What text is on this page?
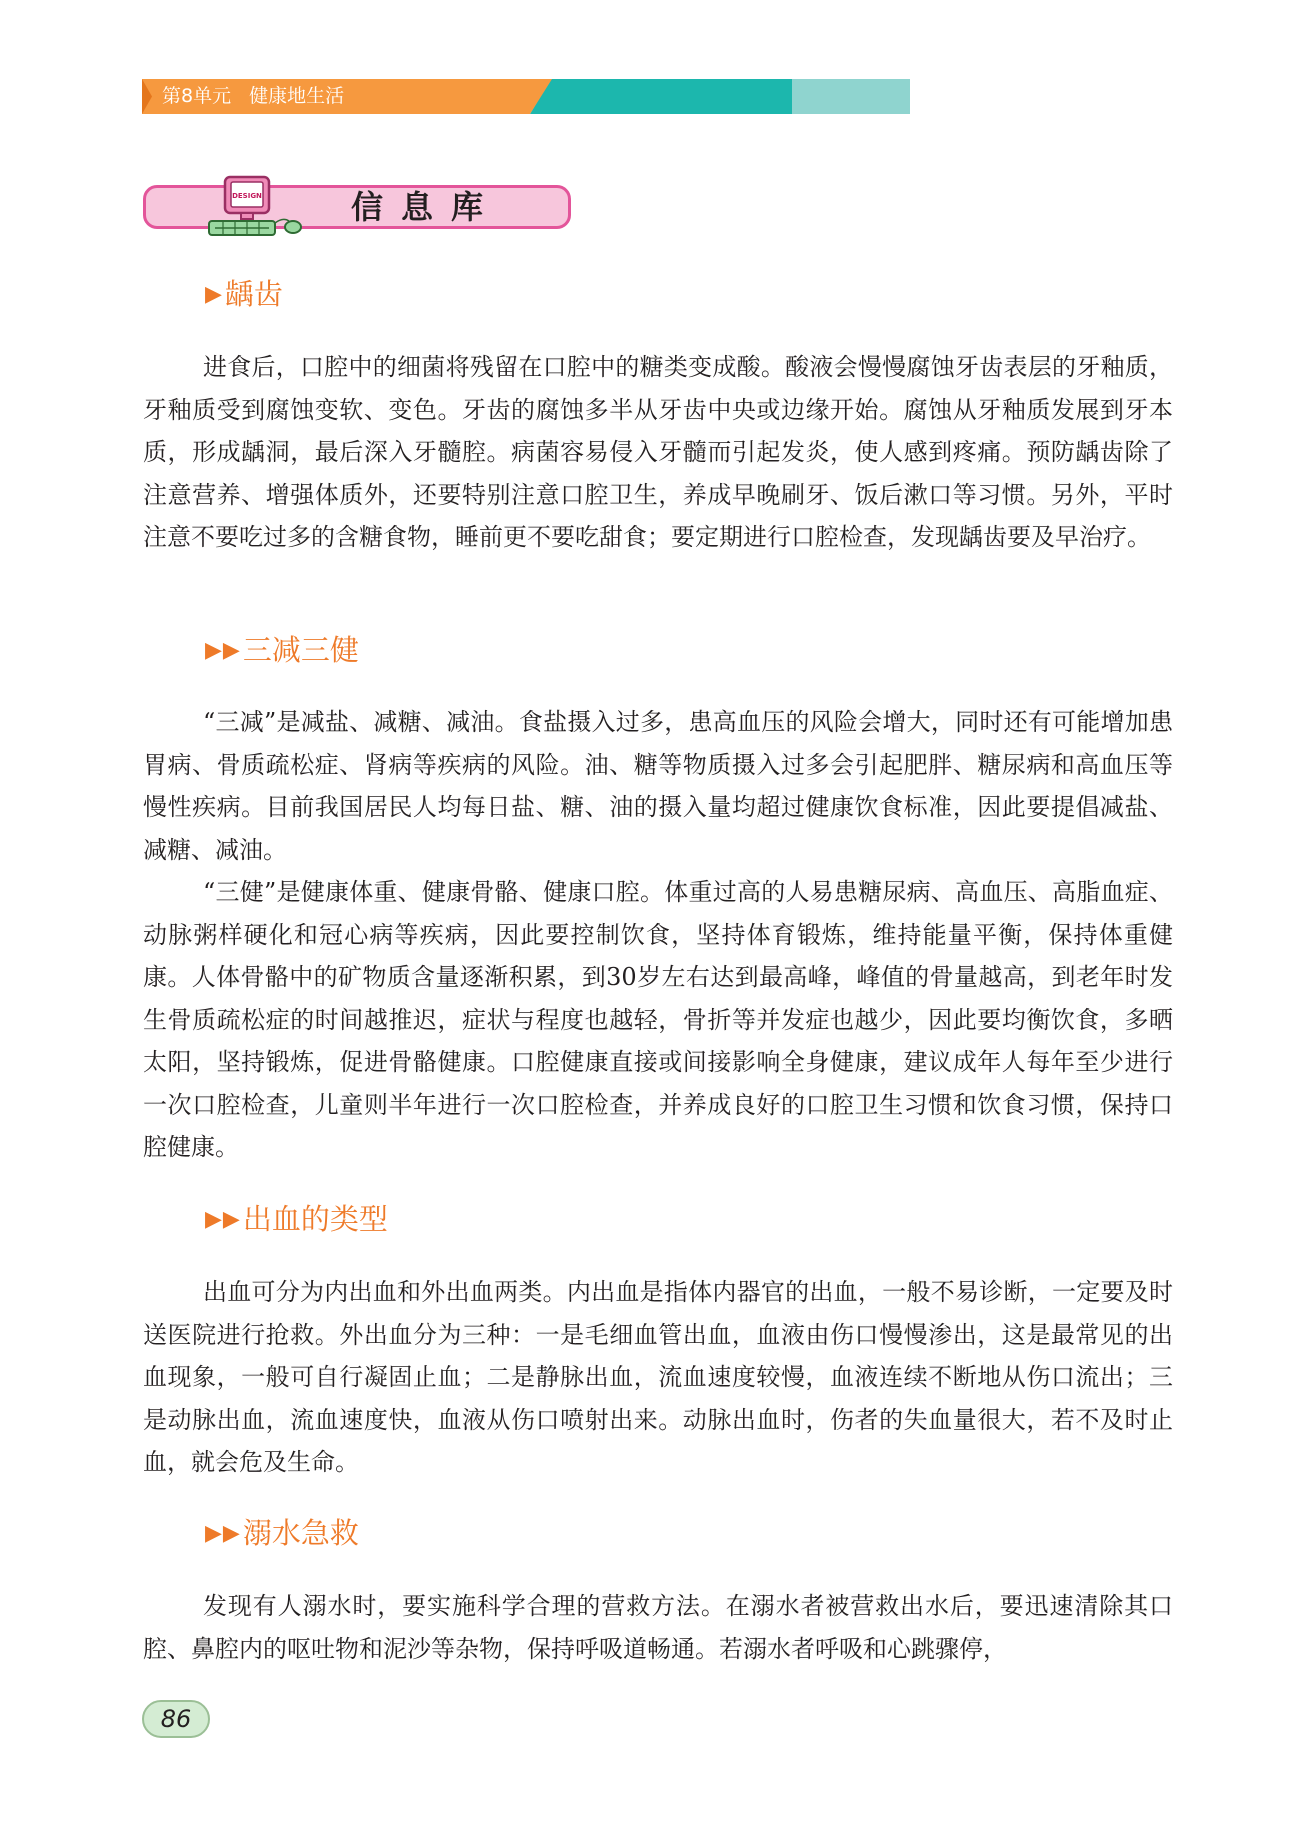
第8单元 健康地生活
DESIGN	信息库
▶龋齿

进食后，口腔中的细菌将残留在口腔中的糖类变成酸。酸液会慢慢腐蚀牙齿表层的牙釉质，牙釉质受到腐蚀变软、变色。牙齿的腐蚀多半从牙齿中央或边缘开始。腐蚀从牙釉质发展到牙本质，形成龋洞，最后深入牙髓腔。病菌容易侵入牙髓而引起发炎，使人感到疼痛。预防龋齿除了注意营养、增强体质外，还要特别注意口腔卫生，养成早晚刷牙、饭后漱口等习惯。另外，平时注意不要吃过多的含糖食物，睡前更不要吃甜食；要定期进行口腔检查，发现龋齿要及早治疗。

▶▶三减三健

“三减”是减盐、减糖、减油。食盐摄入过多，患高血压的风险会增大，同时还有可能增加患胃病、骨质疏松症、肾病等疾病的风险。油、糖等物质摄入过多会引起肥胖、糖尿病和高血压等慢性疾病。目前我国居民人均每日盐、糖、油的摄入量均超过健康饮食标准，因此要提倡减盐、减糖、减油。

“三健”是健康体重、健康骨骼、健康口腔。体重过高的人易患糖尿病、高血压、高脂血症、动脉粥样硬化和冠心病等疾病，因此要控制饮食，坚持体育锻炼，维持能量平衡，保持体重健康。人体骨骼中的矿物质含量逐渐积累，到30岁左右达到最高峰，峰值的骨量越高，到老年时发生骨质疏松症的时间越推迟，症状与程度也越轻，骨折等并发症也越少，因此要均衡饮食，多晒太阳，坚持锻炼，促进骨骼健康。口腔健康直接或间接影响全身健康，建议成年人每年至少进行一次口腔检查，儿童则半年进行一次口腔检查，并养成良好的口腔卫生习惯和饮食习惯，保持口腔健康。

▶▶出血的类型

出血可分为内出血和外出血两类。内出血是指体内器官的出血，一般不易诊断，一定要及时送医院进行抢救。外出血分为三种：一是毛细血管出血，血液由伤口慢慢渗出，这是最常见的出血现象，一般可自行凝固止血；二是静脉出血，流血速度较慢，血液连续不断地从伤口流出；三是动脉出血，流血速度快，血液从伤口喷射出来。动脉出血时，伤者的失血量很大，若不及时止血，就会危及生命。

▶▶溺水急救

发现有人溺水时，要实施科学合理的营救方法。在溺水者被营救出水后，要迅速清除其口腔、鼻腔内的呕吐物和泥沙等杂物，保持呼吸道畅通。若溺水者呼吸和心跳骤停，

86
